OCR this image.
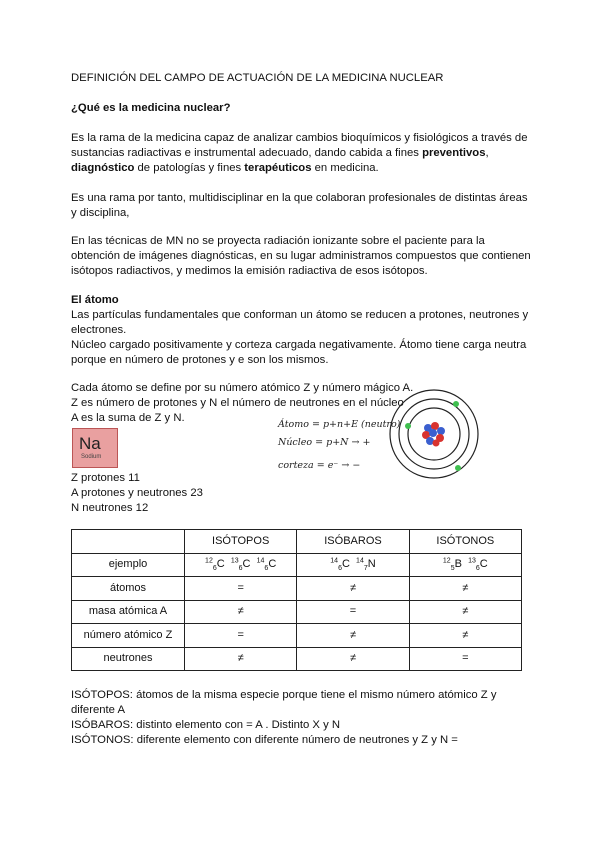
DEFINICIÓN DEL CAMPO DE ACTUACIÓN DE LA MEDICINA NUCLEAR
¿Qué es la medicina nuclear?
Es la rama de la medicina capaz de analizar cambios bioquímicos y fisiológicos a través de sustancias radiactivas e instrumental adecuado, dando cabida a fines preventivos, diagnóstico de patologías y fines terapéuticos en medicina.
Es una rama por tanto, multidisciplinar en la que colaboran profesionales de distintas áreas y disciplina,
En las técnicas de MN no se proyecta radiación ionizante sobre el paciente para la obtención de imágenes diagnósticas, en su lugar administramos compuestos que contienen isótopos radiactivos, y medimos la emisión radiactiva de esos isótopos.
El átomo
Las partículas fundamentales que conforman un átomo se reducen a protones, neutrones y electrones.
Núcleo cargado positivamente y corteza cargada negativamente. Átomo tiene carga neutra porque en número de protones y e son los mismos.
Cada átomo se define por su número atómico Z y número mágico A.
Z es número de protones y N el número de neutrones en el núcleo
A es la suma de Z y N.
Na
Sodium
Átomo = p+n+E (neutro)
Núcleo = p+N → +
corteza = e⁻ → −
Z protones 11
A protones y neutrones 23
N neutrones 12
	ISÓTOPOS	ISÓBAROS	ISÓTONOS
ejemplo	$^{12}_6$C $^{13}_6$C $^{14}_6$C	$^{14}_6$C $^{14}_7$N	$^{12}_5$B $^{13}_6$C
átomos	=	≠	≠
masa atómica A	≠	=	≠
número atómico Z	=	≠	≠
neutrones	≠	≠	=
ISÓTOPOS: átomos de la misma especie porque tiene el mismo número atómico Z y diferente A
ISÓBAROS: distinto elemento con = A . Distinto X y N
ISÓTONOS: diferente elemento con diferente número de neutrones y Z y N =
